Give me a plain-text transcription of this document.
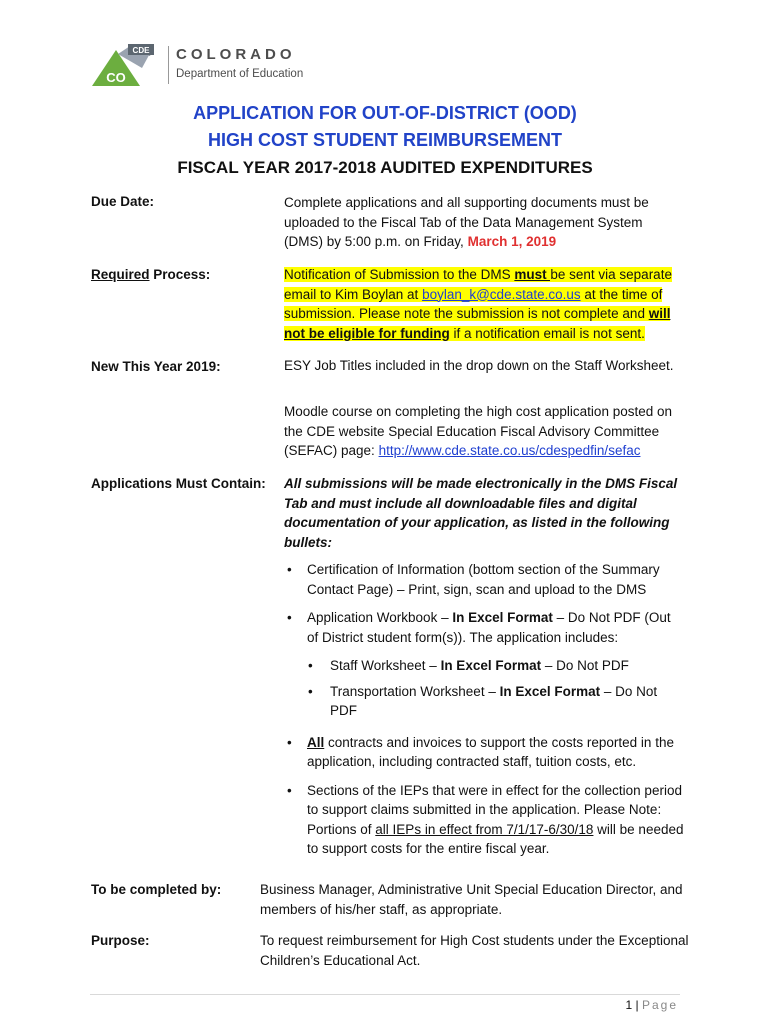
CDE
CO
COLORADO
Department of Education
APPLICATION FOR OUT-OF-DISTRICT (OOD)
HIGH COST STUDENT REIMBURSEMENT
FISCAL YEAR 2017-2018 AUDITED EXPENDITURES
Due Date:	Complete applications and all supporting documents must be uploaded to the Fiscal Tab of the Data Management System (DMS) by 5:00 p.m. on Friday, March 1, 2019
Required Process:	Notification of Submission to the DMS must be sent via separate email to Kim Boylan at boylan_k@cde.state.co.us at the time of submission. Please note the submission is not complete and will not be eligible for funding if a notification email is not sent.
New This Year 2019:	ESY Job Titles included in the drop down on the Staff Worksheet.
Moodle course on completing the high cost application posted on the CDE website Special Education Fiscal Advisory Committee (SEFAC) page: http://www.cde.state.co.us/cdespedfin/sefac
Applications Must Contain: All submissions will be made electronically in the DMS Fiscal Tab and must include all downloadable files and digital documentation of your application, as listed in the following bullets:
• Certification of Information (bottom section of the Summary Contact Page) – Print, sign, scan and upload to the DMS
• Application Workbook – In Excel Format – Do Not PDF (Out of District student form(s)). The application includes:
• Staff Worksheet – In Excel Format – Do Not PDF
• Transportation Worksheet – In Excel Format – Do Not PDF
• All contracts and invoices to support the costs reported in the application, including contracted staff, tuition costs, etc.
• Sections of the IEPs that were in effect for the collection period to support claims submitted in the application. Please Note: Portions of all IEPs in effect from 7/1/17-6/30/18 will be needed to support costs for the entire fiscal year.
To be completed by:	Business Manager, Administrative Unit Special Education Director, and members of his/her staff, as appropriate.
Purpose:	To request reimbursement for High Cost students under the Exceptional Children’s Educational Act.
1 | Page
